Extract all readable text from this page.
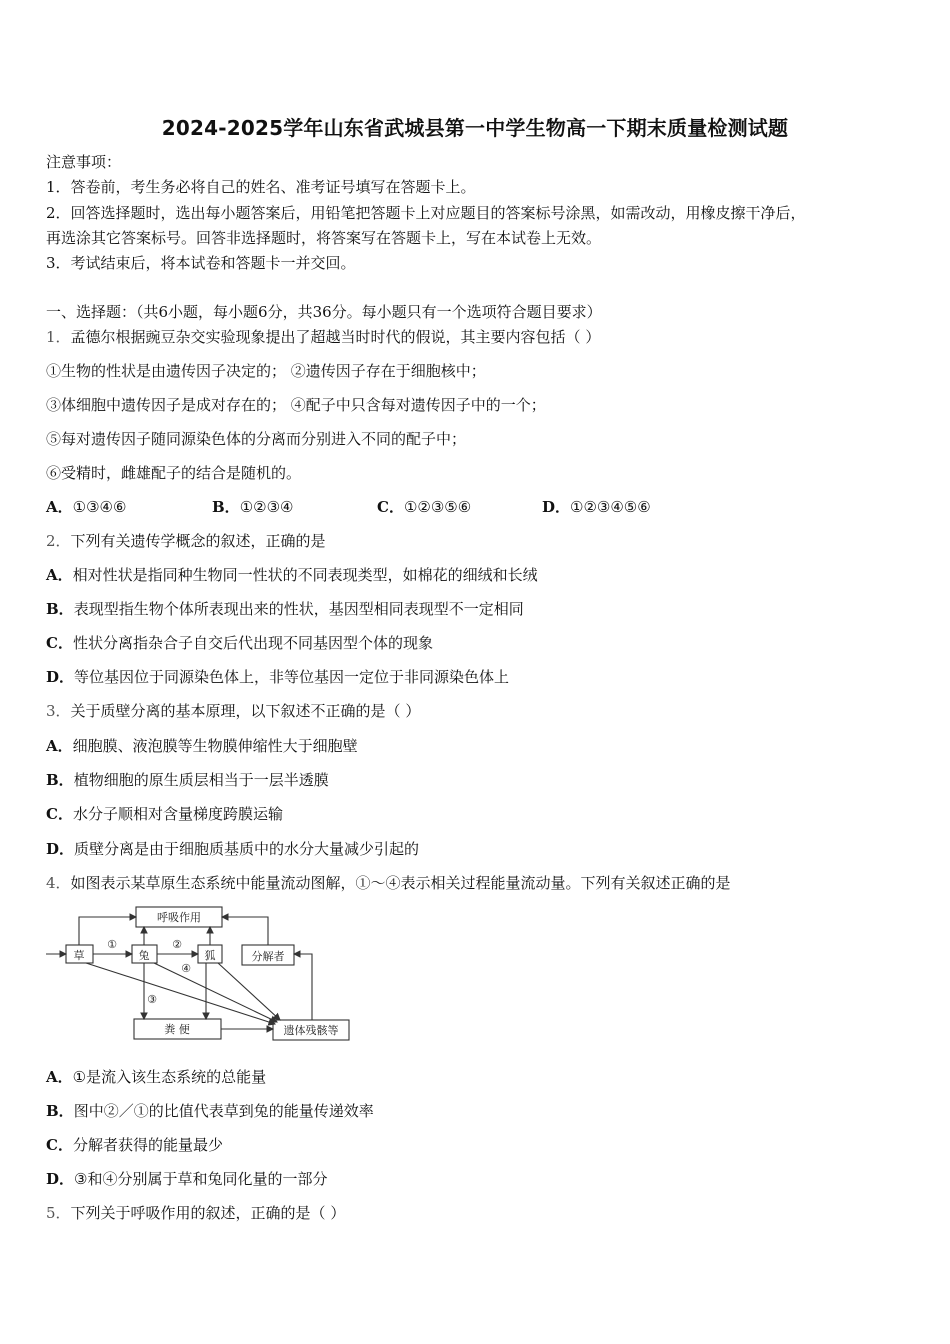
2024-2025学年山东省武城县第一中学生物高一下期末质量检测试题
注意事项：
1．答卷前，考生务必将自己的姓名、准考证号填写在答题卡上。
2．回答选择题时，选出每小题答案后，用铅笔把答题卡上对应题目的答案标号涂黑，如需改动，用橡皮擦干净后，
再选涂其它答案标号。回答非选择题时，将答案写在答题卡上，写在本试卷上无效。
3．考试结束后，将本试卷和答题卡一并交回。
一、选择题：（共6小题，每小题6分，共36分。每小题只有一个选项符合题目要求）
1．孟德尔根据豌豆杂交实验现象提出了超越当时时代的假说，其主要内容包括（ ）
①生物的性状是由遗传因子决定的； ②遗传因子存在于细胞核中；
③体细胞中遗传因子是成对存在的； ④配子中只含每对遗传因子中的一个；
⑤每对遗传因子随同源染色体的分离而分别进入不同的配子中；
⑥受精时，雌雄配子的结合是随机的。
A．①③④⑥	B．①②③④	C．①②③⑤⑥	D．①②③④⑤⑥
2．下列有关遗传学概念的叙述，正确的是
A．相对性状是指同种生物同一性状的不同表现类型，如棉花的细绒和长绒
B．表现型指生物个体所表现出来的性状，基因型相同表现型不一定相同
C．性状分离指杂合子自交后代出现不同基因型个体的现象
D．等位基因位于同源染色体上，非等位基因一定位于非同源染色体上
3．关于质壁分离的基本原理，以下叙述不正确的是（ ）
A．细胞膜、液泡膜等生物膜伸缩性大于细胞壁
B．植物细胞的原生质层相当于一层半透膜
C．水分子顺相对含量梯度跨膜运输
D．质壁分离是由于细胞质基质中的水分大量减少引起的
4．如图表示某草原生态系统中能量流动图解，①～④表示相关过程能量流动量。下列有关叙述正确的是
呼吸作用
草	兔	狐	分解者
粪 便	遗体残骸等
①	②
③
④
A．①是流入该生态系统的总能量
B．图中②／①的比值代表草到兔的能量传递效率
C．分解者获得的能量最少
D．③和④分别属于草和兔同化量的一部分
5．下列关于呼吸作用的叙述，正确的是（ ）
